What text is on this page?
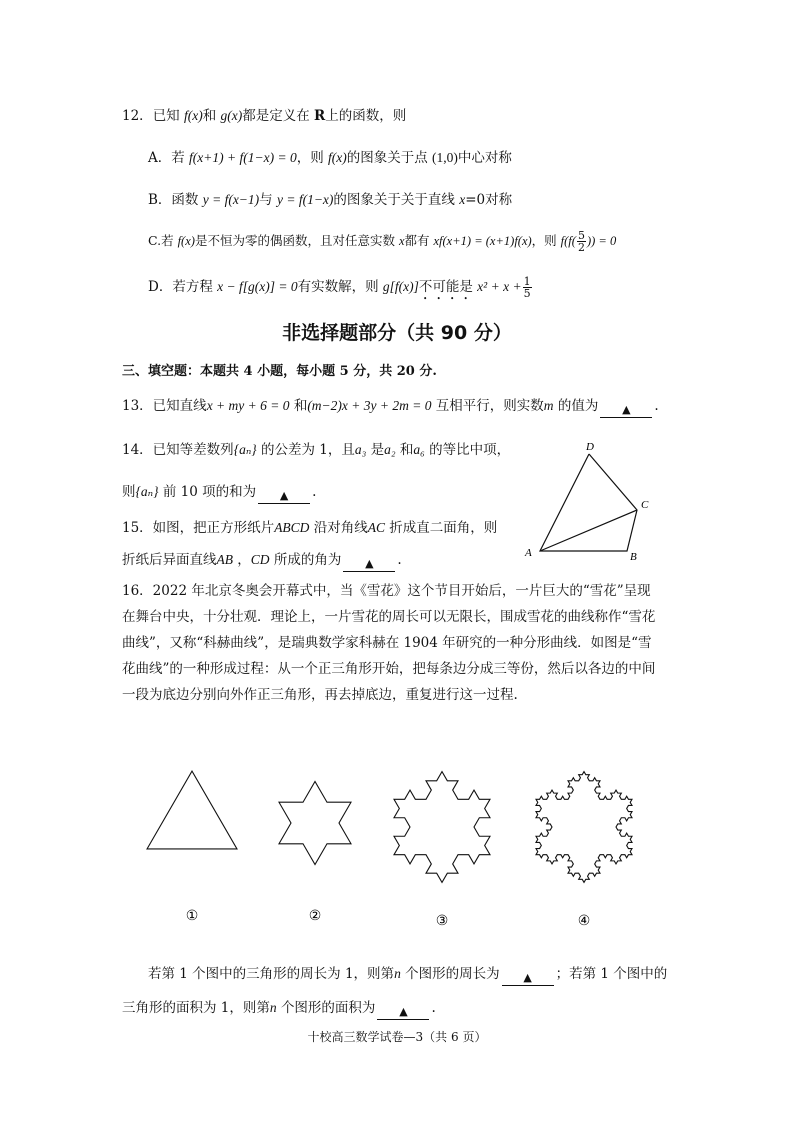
12．已知 f(x)和 g(x)都是定义在 R上的函数，则
A．若 f(x+1) + f(1−x) = 0，则 f(x)的图象关于点 (1,0)中心对称
B．函数 y = f(x−1)与 y = f(1−x)的图象关于关于直线 x=0对称
C.若 f(x)是不恒为零的偶函数，且对任意实数 x都有 xf(x+1) = (x+1)f(x)，则 $f(f( \frac{5}{2}$ )) = 0
D．若方程 x − f[g(x)] = 0有实数解，则 g[f(x)]不可能是 $x^2 + x + \frac{1}{5}$
非选择题部分（共 90 分）
三、填空题：本题共 4 小题，每小题 5 分，共 20 分.
13．已知直线x + my + 6 = 0 和(m−2)x + 3y + 2m = 0 互相平行，则实数m 的值为 ▲ .
14．已知等差数列{aₙ} 的公差为 1，且a₃ 是a₂ 和a₆ 的等比中项，
则{aₙ} 前 10 项的和为 ▲ .
15．如图，把正方形纸片ABCD 沿对角线AC 折成直二面角，则
折纸后异面直线AB ，CD 所成的角为 ▲ .
D
C
A	B
16．2022 年北京冬奥会开幕式中，当《雪花》这个节目开始后，一片巨大的“雪花”呈现
在舞台中央，十分壮观．理论上，一片雪花的周长可以无限长，围成雪花的曲线称作“雪花
曲线”，又称“科赫曲线”，是瑞典数学家科赫在 1904 年研究的一种分形曲线．如图是“雪
花曲线”的一种形成过程：从一个正三角形开始，把每条边分成三等份，然后以各边的中间
一段为底边分别向外作正三角形，再去掉底边，重复进行这一过程.
①	②	③	④
若第 1 个图中的三角形的周长为 1，则第n 个图形的周长为 ▲ ；若第 1 个图中的
三角形的面积为 1，则第n 个图形的面积为 ▲ .
十校高三数学试卷—3（共 6 页）
